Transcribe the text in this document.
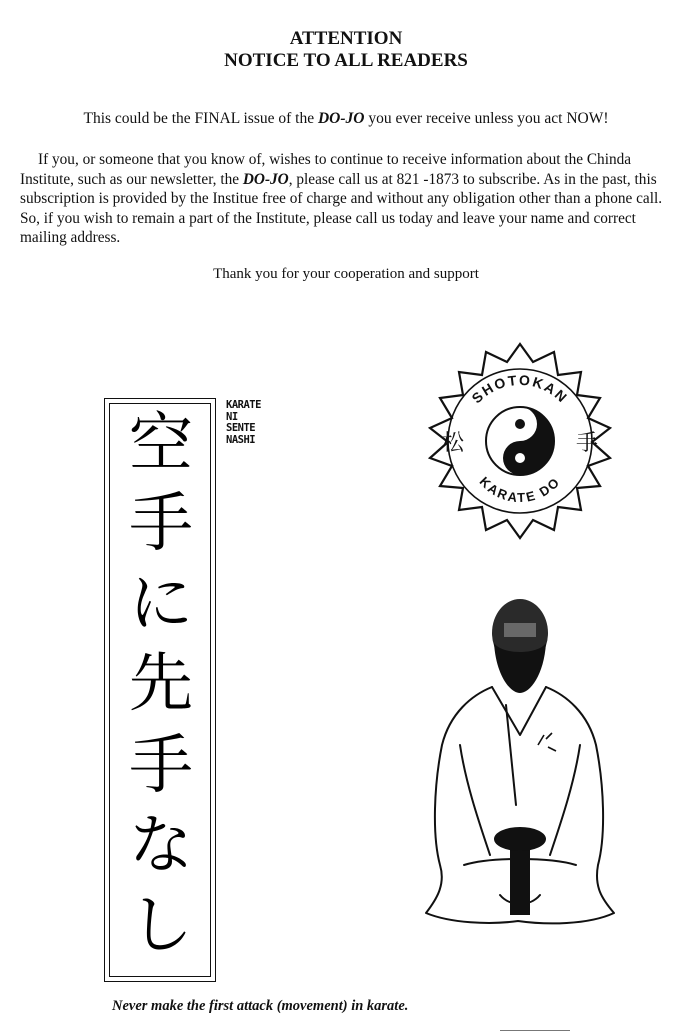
ATTENTION
NOTICE TO ALL READERS
This could be the FINAL issue of the DO-JO you ever receive unless you act NOW!

If you, or someone that you know of, wishes to continue to receive information about the Chinda Institute, such as our newsletter, the DO-JO, please call us at 821 -1873 to subscribe. As in the past, this subscription is provided by the Institue free of charge and without any obligation other than a phone call. So, if you wish to remain a part of the Institute, please call us today and leave your name and correct mailing address.

Thank you for your cooperation and support
空
手
に
先
手
な
し
KARATE
NI
SENTE
NASHI
SHOTOKAN
KARATE DO
松	手
Never make the first attack (movement) in karate.
